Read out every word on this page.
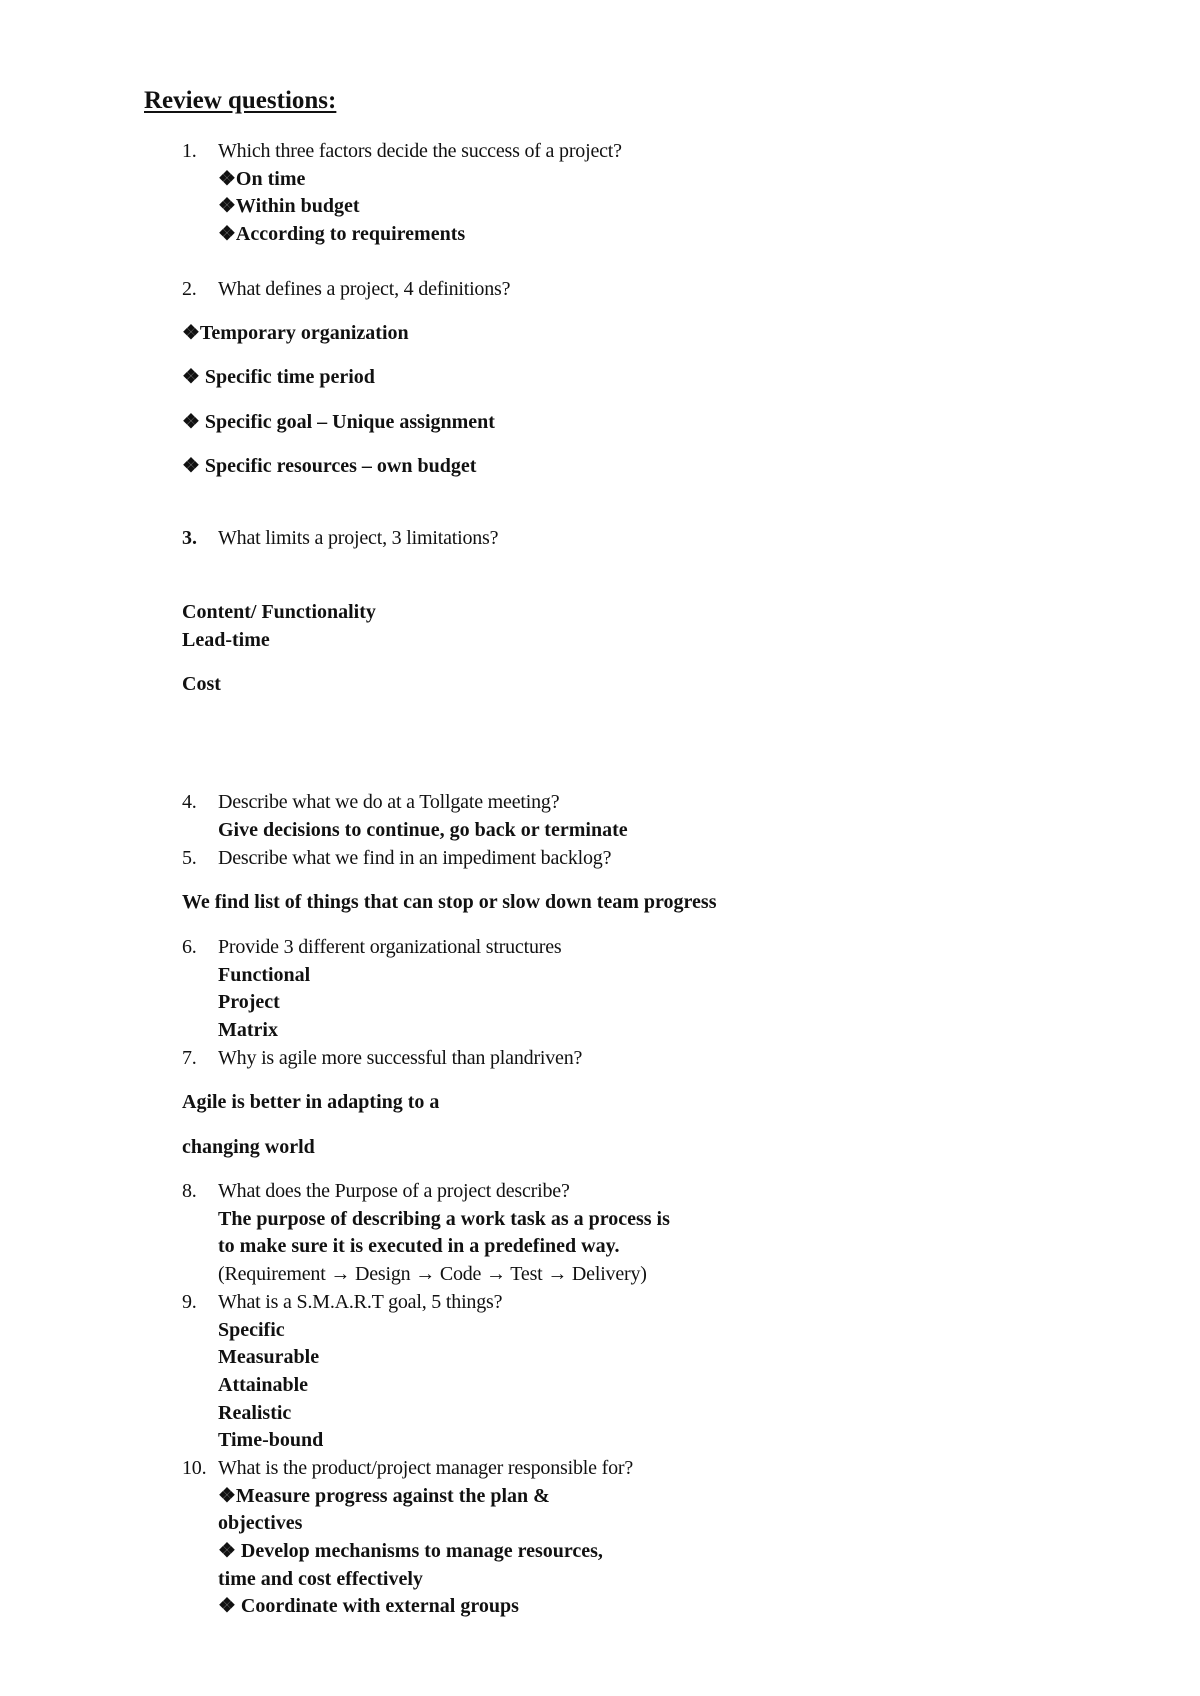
Review questions:
1. Which three factors decide the success of a project?
❖On time
❖Within budget
❖According to requirements
2. What defines a project, 4 definitions?
❖Temporary organization
❖ Specific time period
❖ Specific goal – Unique assignment
❖ Specific resources – own budget
3. What limits a project, 3 limitations?
Content/ Functionality
Lead-time
Cost
4. Describe what we do at a Tollgate meeting?
Give decisions to continue, go back or terminate
5. Describe what we find in an impediment backlog?
We find list of things that can stop or slow down team progress
6. Provide 3 different organizational structures
Functional
Project
Matrix
7. Why is agile more successful than plandriven?
Agile is better in adapting to a
changing world
8. What does the Purpose of a project describe?
The purpose of describing a work task as a process is
to make sure it is executed in a predefined way.
(Requirement → Design → Code → Test → Delivery)
9. What is a S.M.A.R.T goal, 5 things?
Specific
Measurable
Attainable
Realistic
Time-bound
10. What is the product/project manager responsible for?
❖Measure progress against the plan &
objectives
❖ Develop mechanisms to manage resources,
time and cost effectively
❖ Coordinate with external groups
